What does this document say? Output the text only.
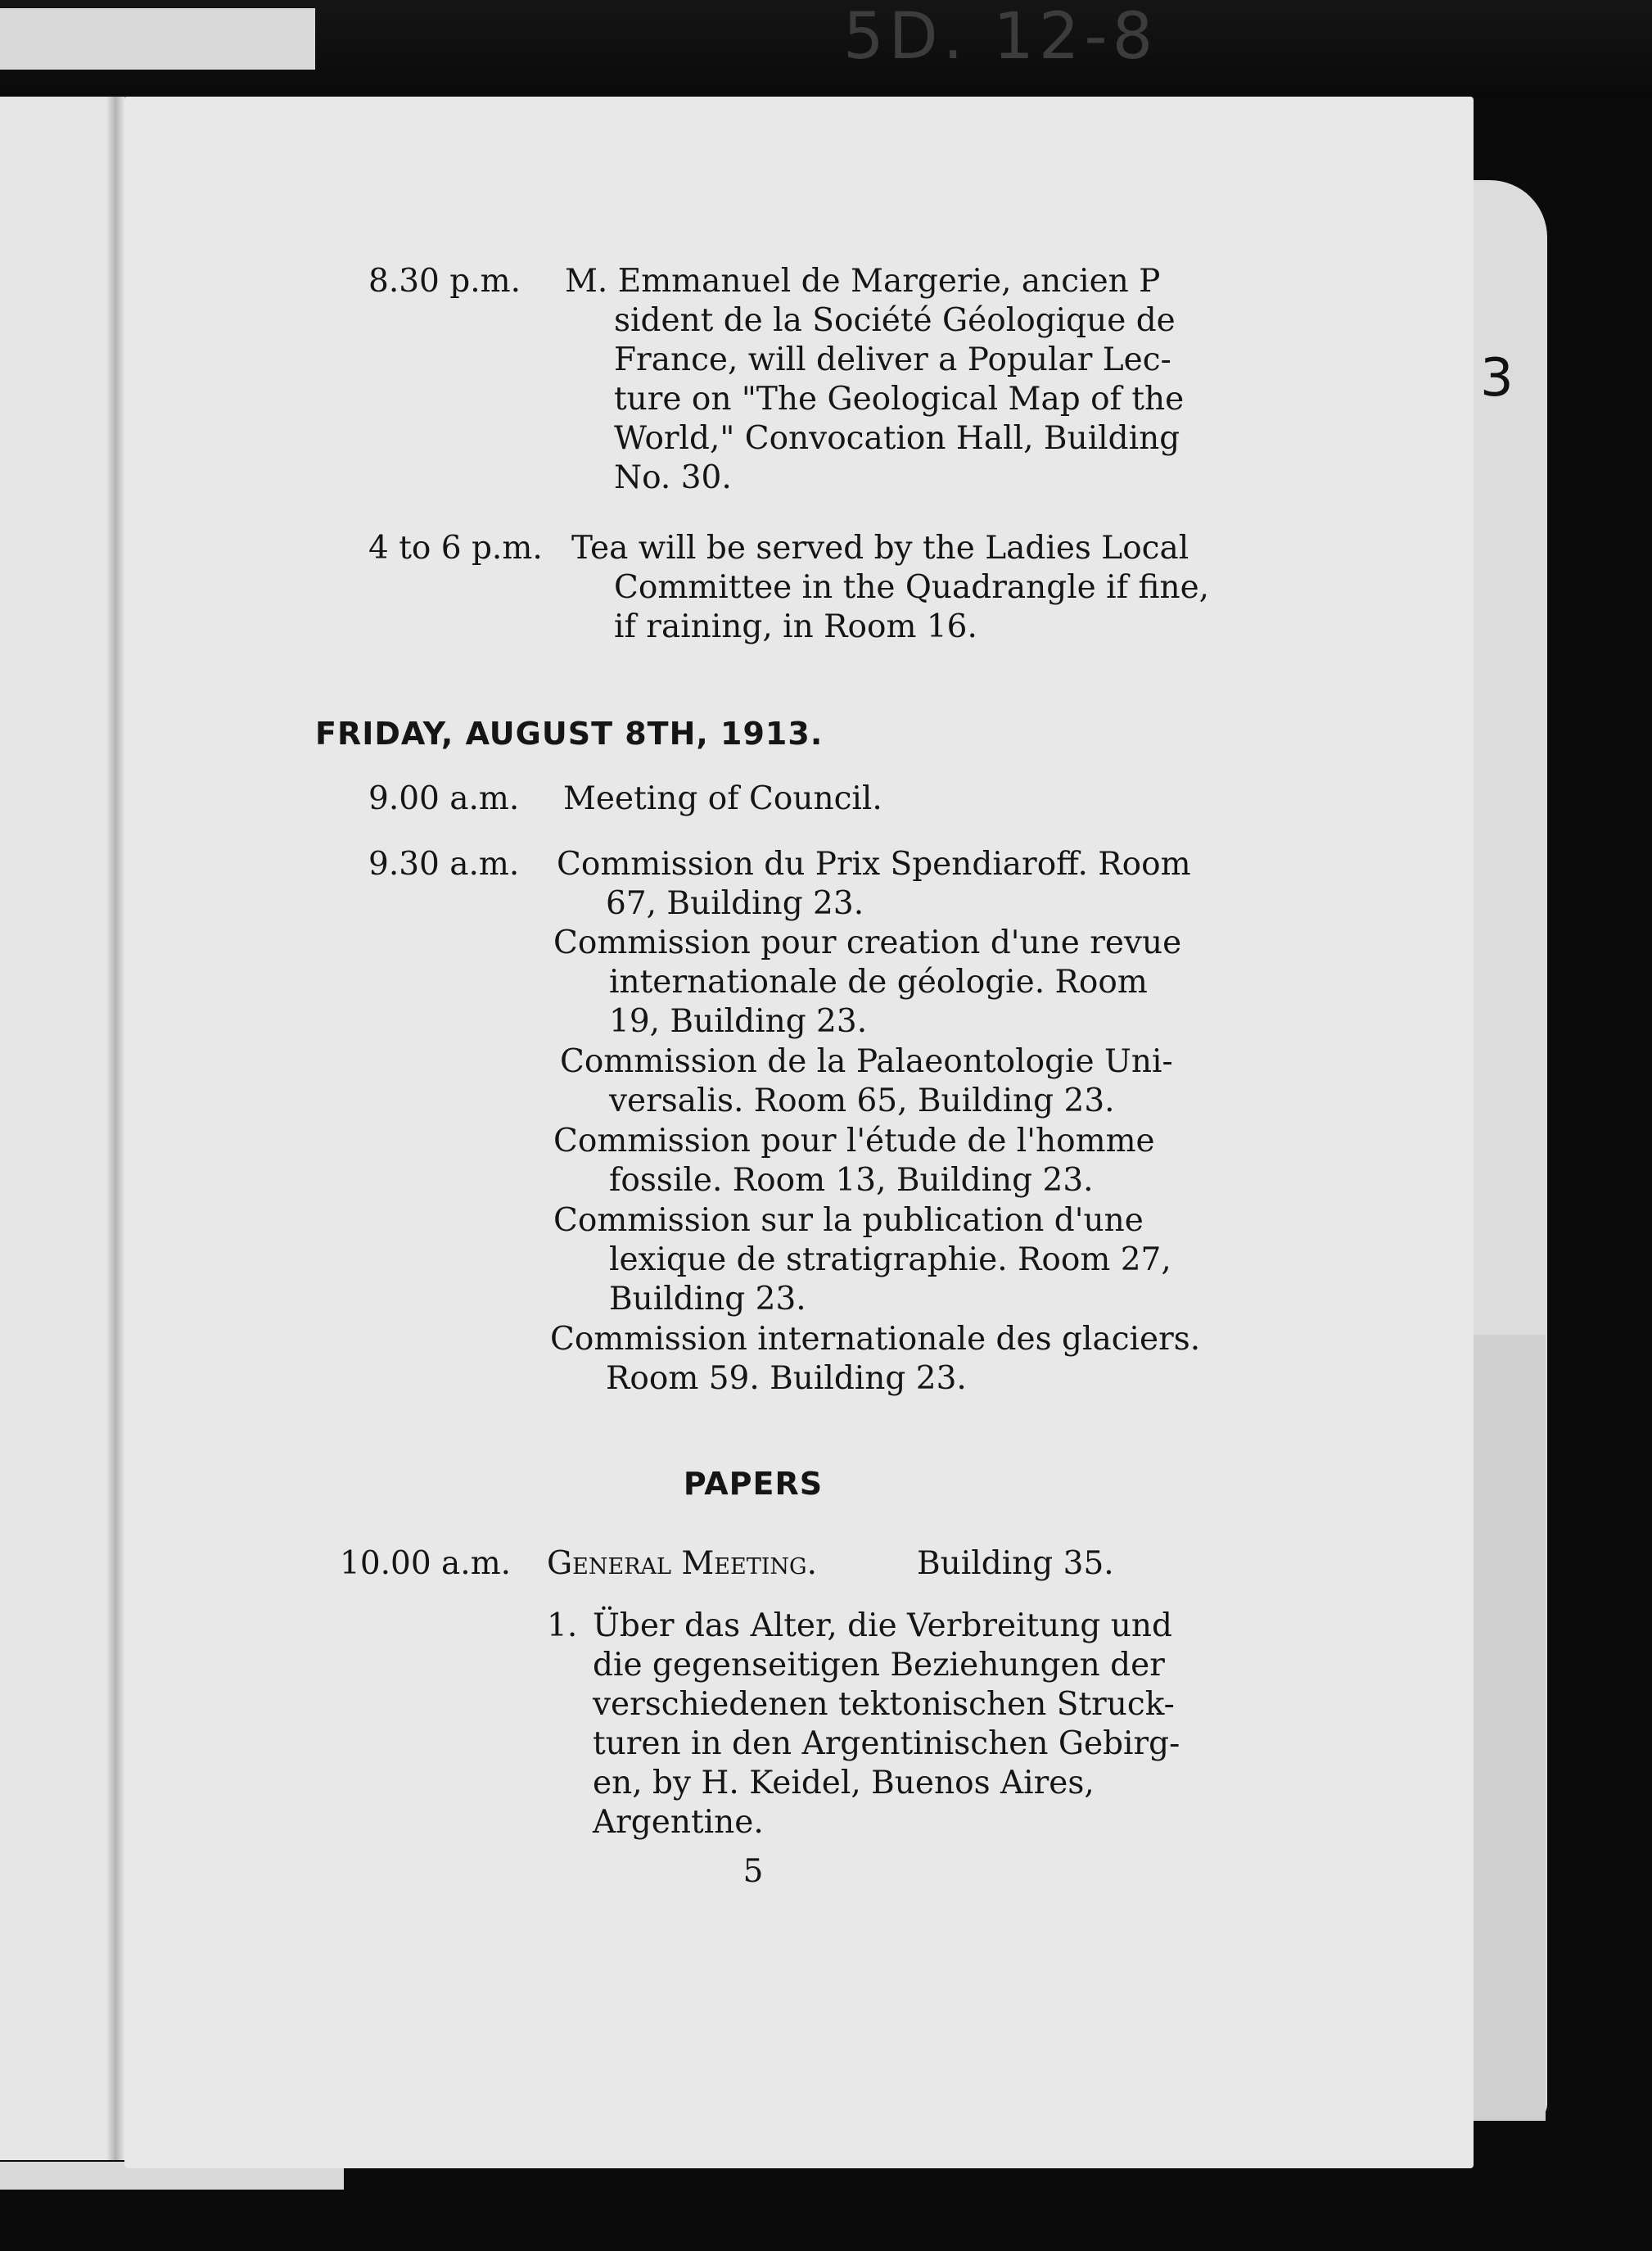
5D. 12-8
3
8.30 p.m. M. Emmanuel de Margerie, ancien P
sident de la Société Géologique de
France, will deliver a Popular Lec-
ture on "The Geological Map of the
World," Convocation Hall, Building
No. 30.
4 to 6 p.m. Tea will be served by the Ladies Local
Committee in the Quadrangle if fine,
if raining, in Room 16.
FRIDAY, AUGUST 8TH, 1913.
9.00 a.m. Meeting of Council.
9.30 a.m. Commission du Prix Spendiaroff. Room
67, Building 23.
Commission pour creation d'une revue
internationale de géologie. Room
19, Building 23.
Commission de la Palaeontologie Uni-
versalis. Room 65, Building 23.
Commission pour l'étude de l'homme
fossile. Room 13, Building 23.
Commission sur la publication d'une
lexique de stratigraphie. Room 27,
Building 23.
Commission internationale des glaciers.
Room 59. Building 23.
PAPERS
10.00 a.m. General Meeting.	Building 35.
1. Über das Alter, die Verbreitung und
die gegenseitigen Beziehungen der
verschiedenen tektonischen Struck-
turen in den Argentinischen Gebirg-
en, by H. Keidel, Buenos Aires,
Argentine.
5
